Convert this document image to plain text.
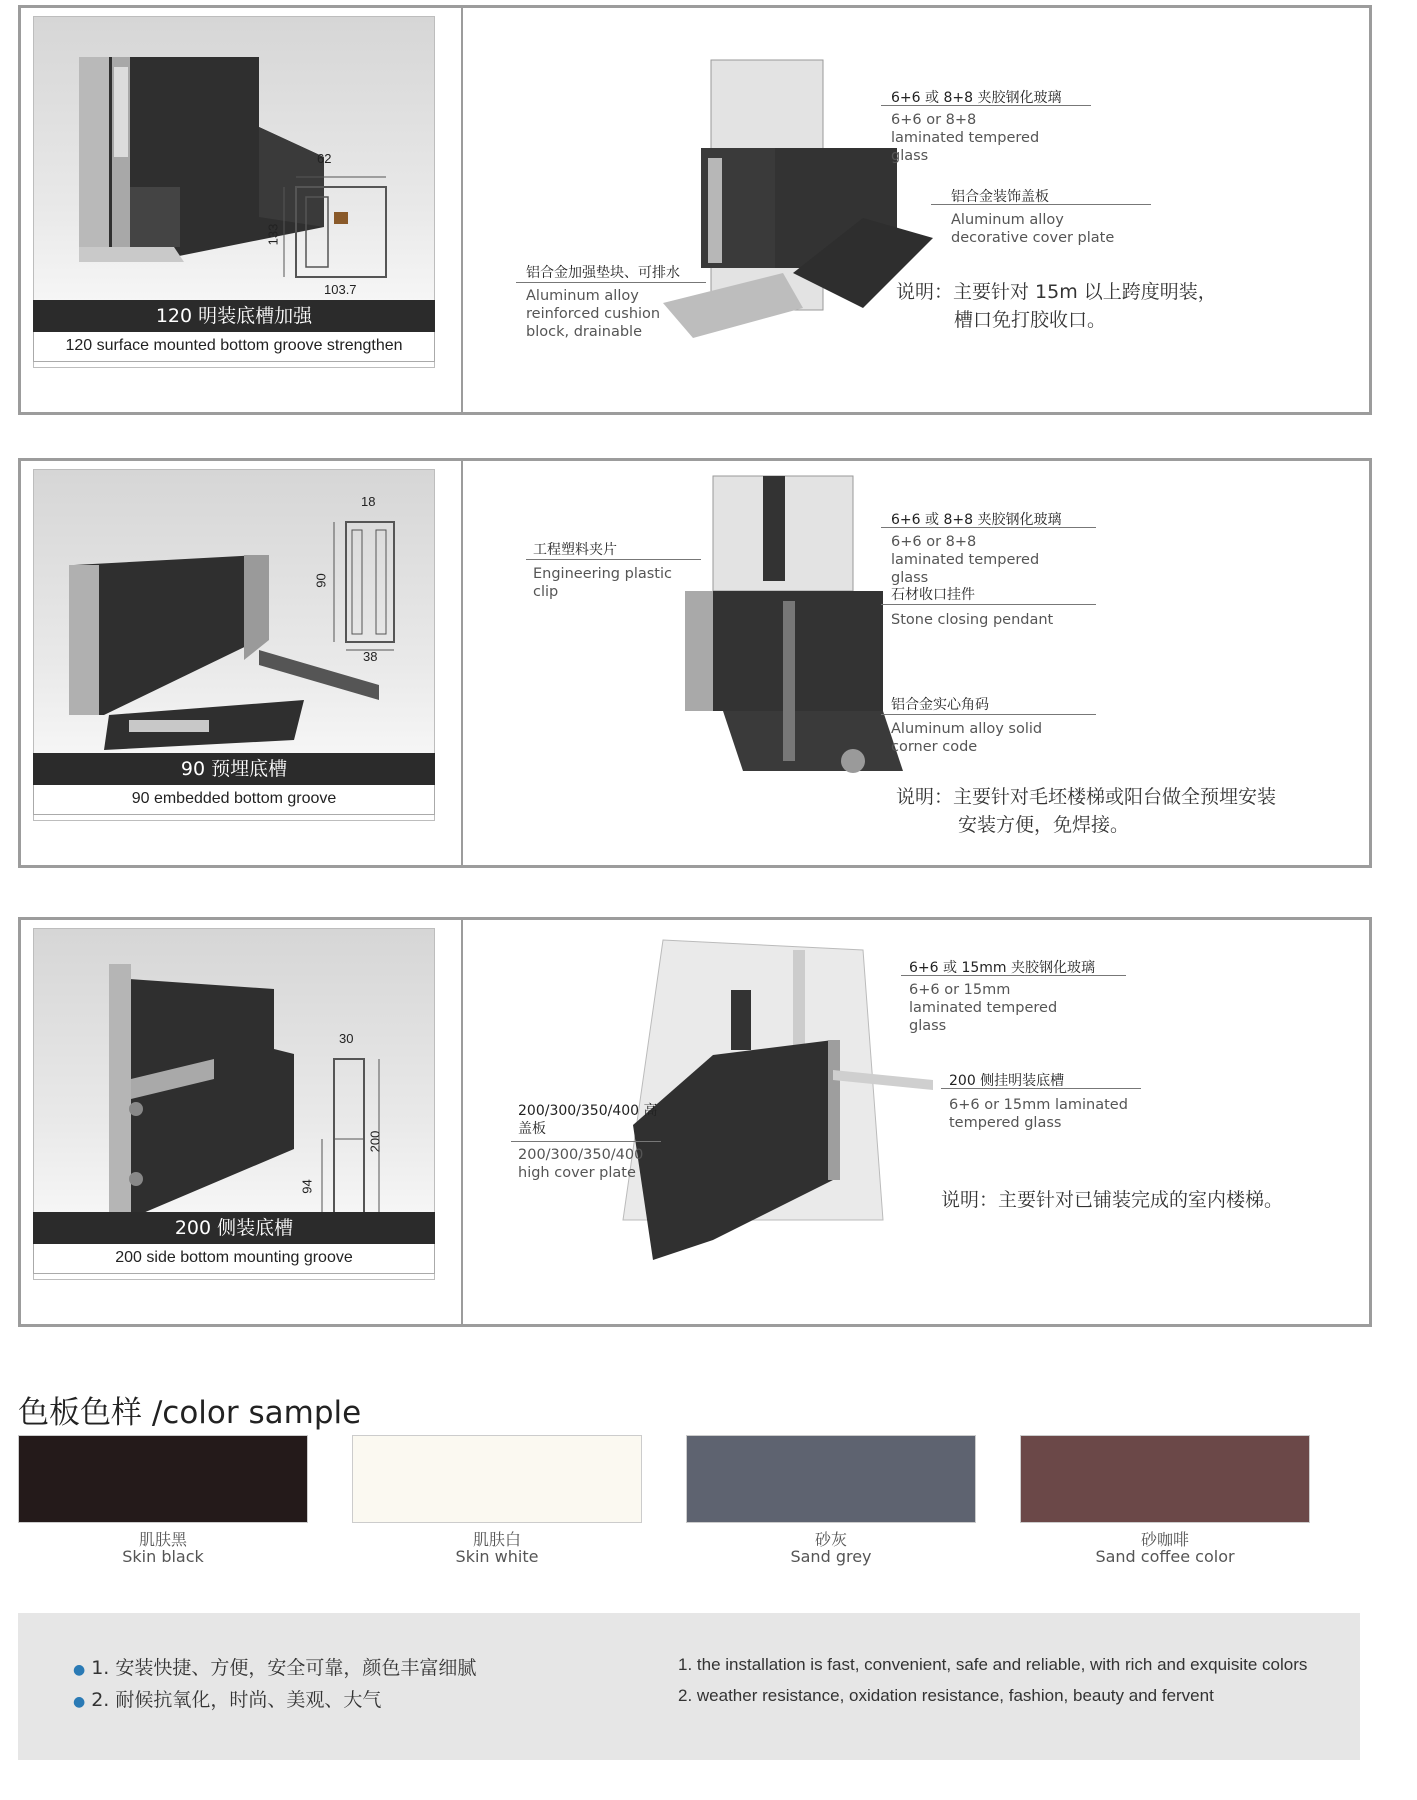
62
133
103.7
120 明装底槽加强
120 surface mounted bottom groove strengthen
6+6 或 8+8 夹胶钢化玻璃
6+6 or 8+8 laminated tempered glass
铝合金装饰盖板
Aluminum alloy decorative cover plate
铝合金加强垫块、可排水
Aluminum alloy reinforced cushion block, drainable
说明：主要针对 15m 以上跨度明装，
槽口免打胶收口。
18
90
38
90 预埋底槽
90 embedded bottom groove
6+6 或 8+8 夹胶钢化玻璃
6+6 or 8+8 laminated tempered glass
工程塑料夹片
Engineering plastic clip	石材收口挂件
Stone closing pendant
铝合金实心角码
Aluminum alloy solid corner code
说明：主要针对毛坯楼梯或阳台做全预埋安装
安装方便，免焊接。
30
200
94
200 侧装底槽
200 side bottom mounting groove
6+6 或 15mm 夹胶钢化玻璃
6+6 or 15mm laminated tempered glass
200 侧挂明装底槽
6+6 or 15mm laminated tempered glass
200/300/350/400 高盖板
200/300/350/400 high cover plate
说明：主要针对已铺装完成的室内楼梯。
色板色样 /color sample
肌肤黑
Skin black
肌肤白
Skin white
砂灰
Sand grey
砂咖啡
Sand coffee color
● 1. 安装快捷、方便，安全可靠，颜色丰富细腻
● 2. 耐候抗氧化，时尚、美观、大气
1. the installation is fast, convenient, safe and reliable, with rich and exquisite colors
2. weather resistance, oxidation resistance, fashion, beauty and fervent
